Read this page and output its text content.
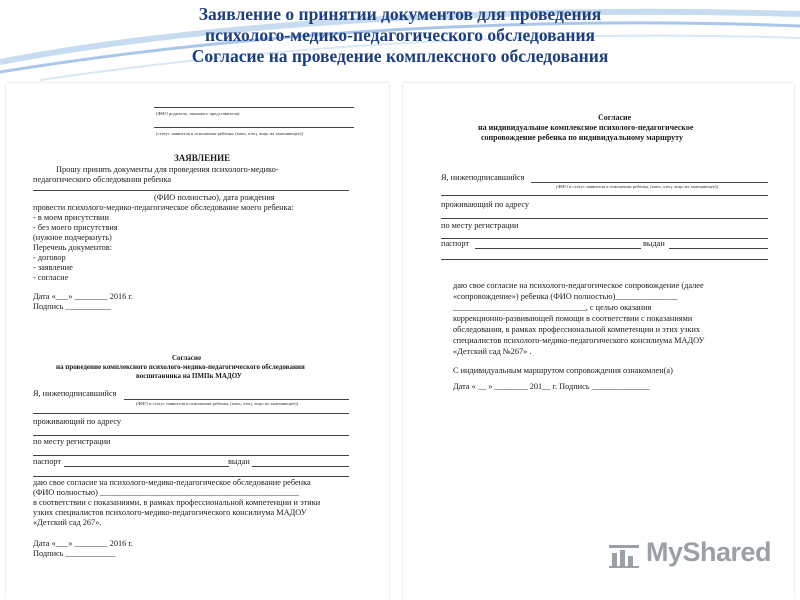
Заявление о принятии документов для проведения
психолого-медико-педагогического обследования
Согласие на проведение комплексного обследования
(ФИО родителя, законного представителя)
(статус заявителя в отношении ребенка, (мать, отец, лицо их заменяющее))
ЗАЯВЛЕНИЕ
Прошу принять документы для проведения психолого-медико-
педагогического обследования ребенка
(ФИО полностью), дата рождения
провести психолого-медико-педагогическое обследование моего ребенка:
- в моем присутствии
- без моего присутствия
(нужное подчеркнуть)
Перечень документов:
- договор
- заявление
- согласие
Дата «___» ________ 2016 г.
Подпись ___________
Согласие
на проведение комплексного психолого-медико-педагогического обследования
воспитанника на ПМПк МАДОУ
Я, нижеподписавшийся
(ФИО и статус заявителя в отношении ребенка, (мать, отец, лицо их заменяющее))
проживающий по адресу
по месту регистрации
паспорт	выдан
даю свое согласие на психолого-медико-педагогическое обследование ребенка
(ФИО полностью) ________________________________________________
в соответствии с показаниями, в рамках профессиональной компетенции и этики
узких специалистов психолого-медико-педагогического консилиума МАДОУ
«Детский сад 267».
Дата «___» ________ 2016 г.
Подпись ____________
Согласие
на индивидуальное комплексное психолого-педагогическое
сопровождение ребенка по индивидуальному маршруту
Я, нижеподписавшийся
(ФИО и статус заявителя в отношении ребенка, (мать, отец, лицо их заменяющее))
проживающий по адресу
по месту регистрации
паспорт	выдан
даю свое согласие на психолого-педагогическое сопровождение (далее
«сопровождение») ребенка (ФИО полностью)_______________
________________________________, с целью оказания
коррекционно-развивающей помощи в соответствии с показаниями
обследования, в рамках профессиональной компетенции и этих узких
специалистов психолого-медико-педагогического консилиума МАДОУ
«Детский сад №267» .
С индивидуальным маршрутом сопровождения ознакомлен(а)
Дата « __ » ________ 201__ г. Подпись ______________
MyShared
